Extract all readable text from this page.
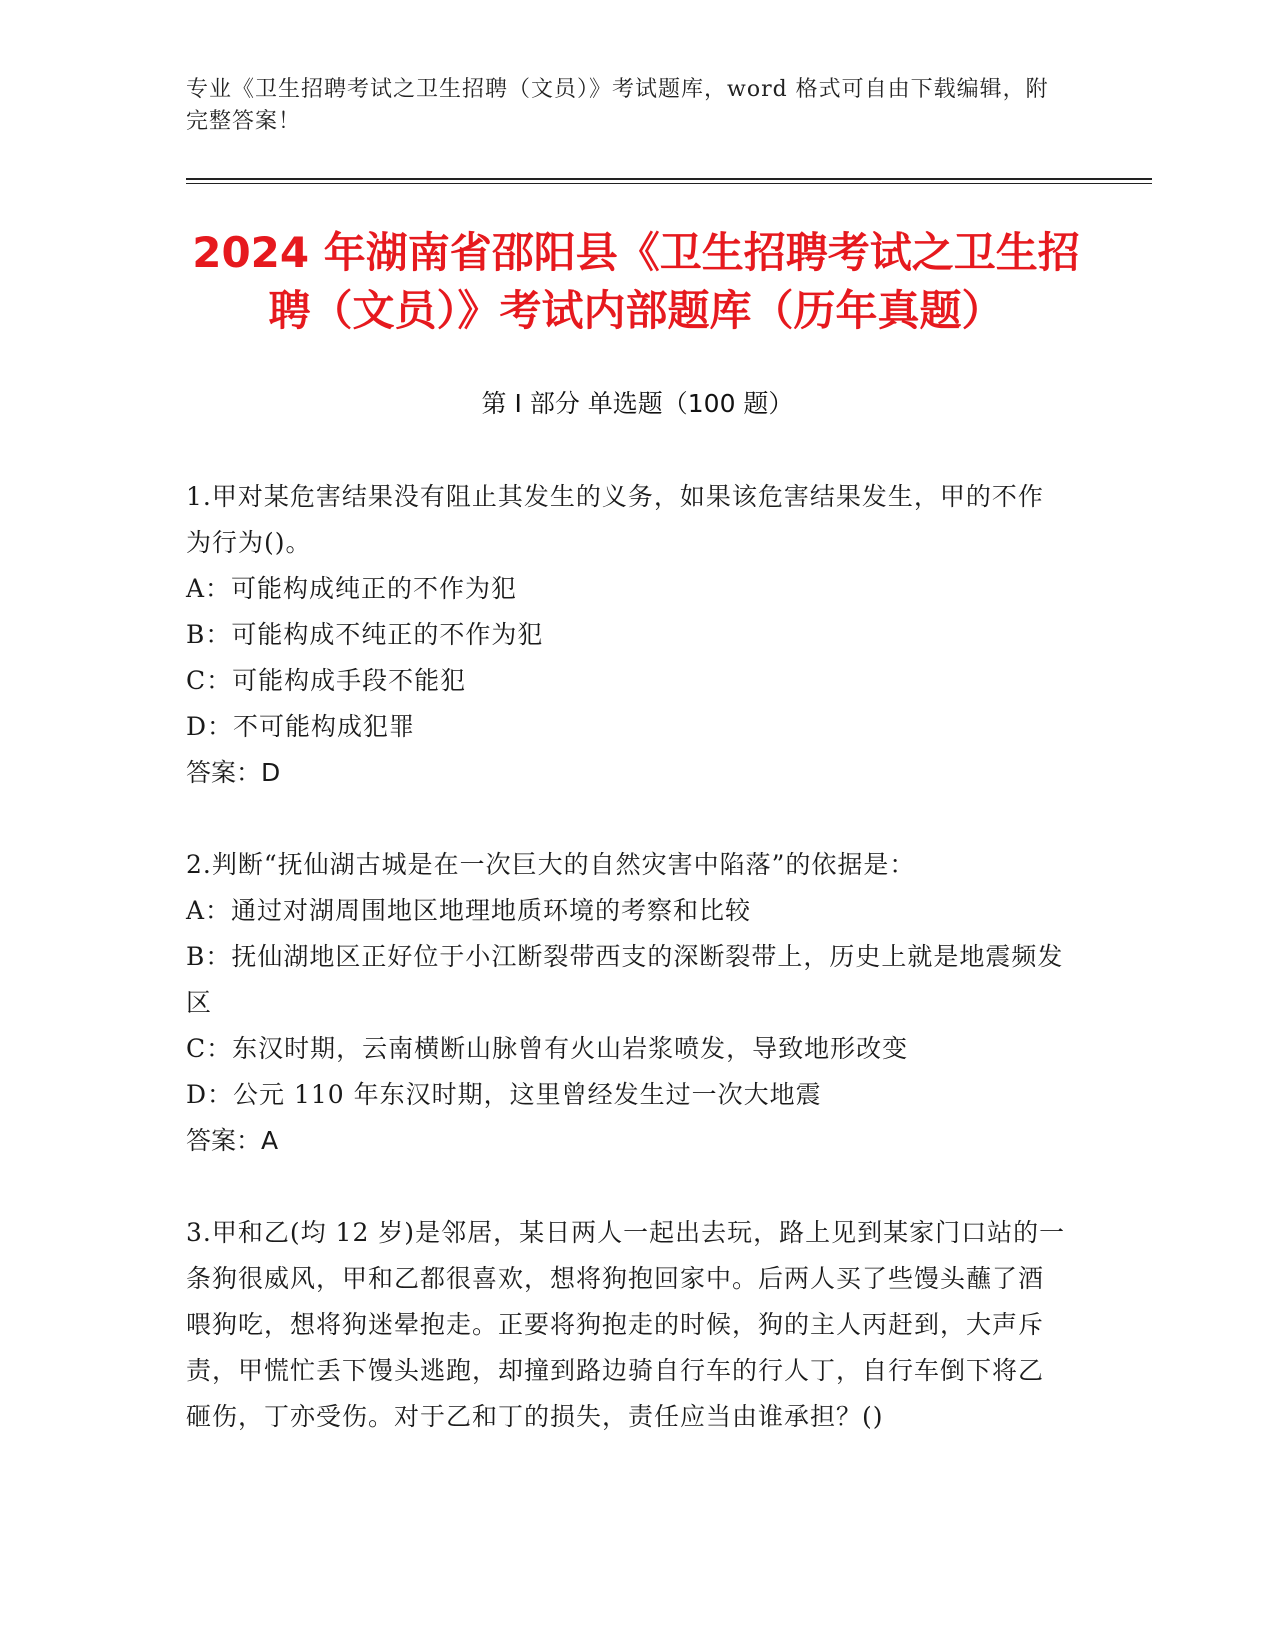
专业《卫生招聘考试之卫生招聘（文员）》考试题库，word 格式可自由下载编辑，附完整答案！
2024 年湖南省邵阳县《卫生招聘考试之卫生招聘（文员）》考试内部题库（历年真题）
第 I 部分 单选题（100 题）

1.甲对某危害结果没有阻止其发生的义务，如果该危害结果发生，甲的不作为行为()。

A：可能构成纯正的不作为犯

B：可能构成不纯正的不作为犯

C：可能构成手段不能犯

D：不可能构成犯罪

答案：D

2.判断“抚仙湖古城是在一次巨大的自然灾害中陷落”的依据是：

A：通过对湖周围地区地理地质环境的考察和比较

B：抚仙湖地区正好位于小江断裂带西支的深断裂带上，历史上就是地震频发区

C：东汉时期，云南横断山脉曾有火山岩浆喷发，导致地形改变

D：公元 110 年东汉时期，这里曾经发生过一次大地震

答案：A

3.甲和乙(均 12 岁)是邻居，某日两人一起出去玩，路上见到某家门口站的一条狗很威风，甲和乙都很喜欢，想将狗抱回家中。后两人买了些馒头蘸了酒喂狗吃，想将狗迷晕抱走。正要将狗抱走的时候，狗的主人丙赶到，大声斥责，甲慌忙丢下馒头逃跑，却撞到路边骑自行车的行人丁，自行车倒下将乙砸伤，丁亦受伤。对于乙和丁的损失，责任应当由谁承担？()
